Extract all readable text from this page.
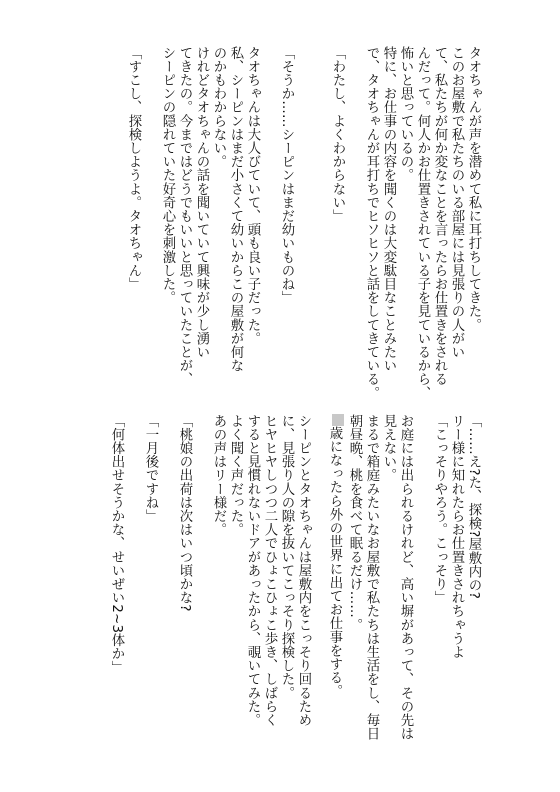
タオちゃんが声を潜めて私に耳打ちしてきた。
このお屋敷で私たちのいる部屋には見張りの人がい
て、私たちが何か変なことを言ったらお仕置きをされる
んだって。何人かお仕置きされている子を見ているから、
怖いと思っているの。
特に、お仕事の内容を聞くのは大変駄目なことみたい
で、タオちゃんが耳打ちでヒソヒソと話をしてきている。
「わたし、よくわからない」
「そうか……シーピンはまだ幼いものね」
タオちゃんは大人びていて、頭も良い子だった。
私、シーピンはまだ小さくて幼いからこの屋敷が何な
のかもわからない。
けれどタオちゃんの話を聞いていて興味が少し湧い
てきたの。今まではどうでもいいと思っていたことが、
シーピンの隠れていた好奇心を刺激した。
「すこし、探検しようよ。タオちゃん」
「……え?た、探検?屋敷内の?
リー様に知れたらお仕置きされちゃうよ
「こっそりやろう。こっそり」
お庭には出られるけれど、高い塀があって、その先は
見えない。
まるで箱庭みたいなお屋敷で私たちは生活をし、毎日
朝昼晩、桃を食べて眠るだけ……。
歳になったら外の世界に出てお仕事をする。
シーピンとタオちゃんは屋敷内をこっそり回るため
に、見張り人の隙を抜いてこっそり探検した。
ヒヤヒヤしつつ二人でひょこひょこ歩き、しばらく
すると見慣れないドアがあったから、覗いてみた。
よく聞く声だった。
あの声はリー様だ。
「桃娘の出荷は次はいつ頃かな?
「一月後ですね」
「何体出せそうかな、せいぜい2~3体か」
